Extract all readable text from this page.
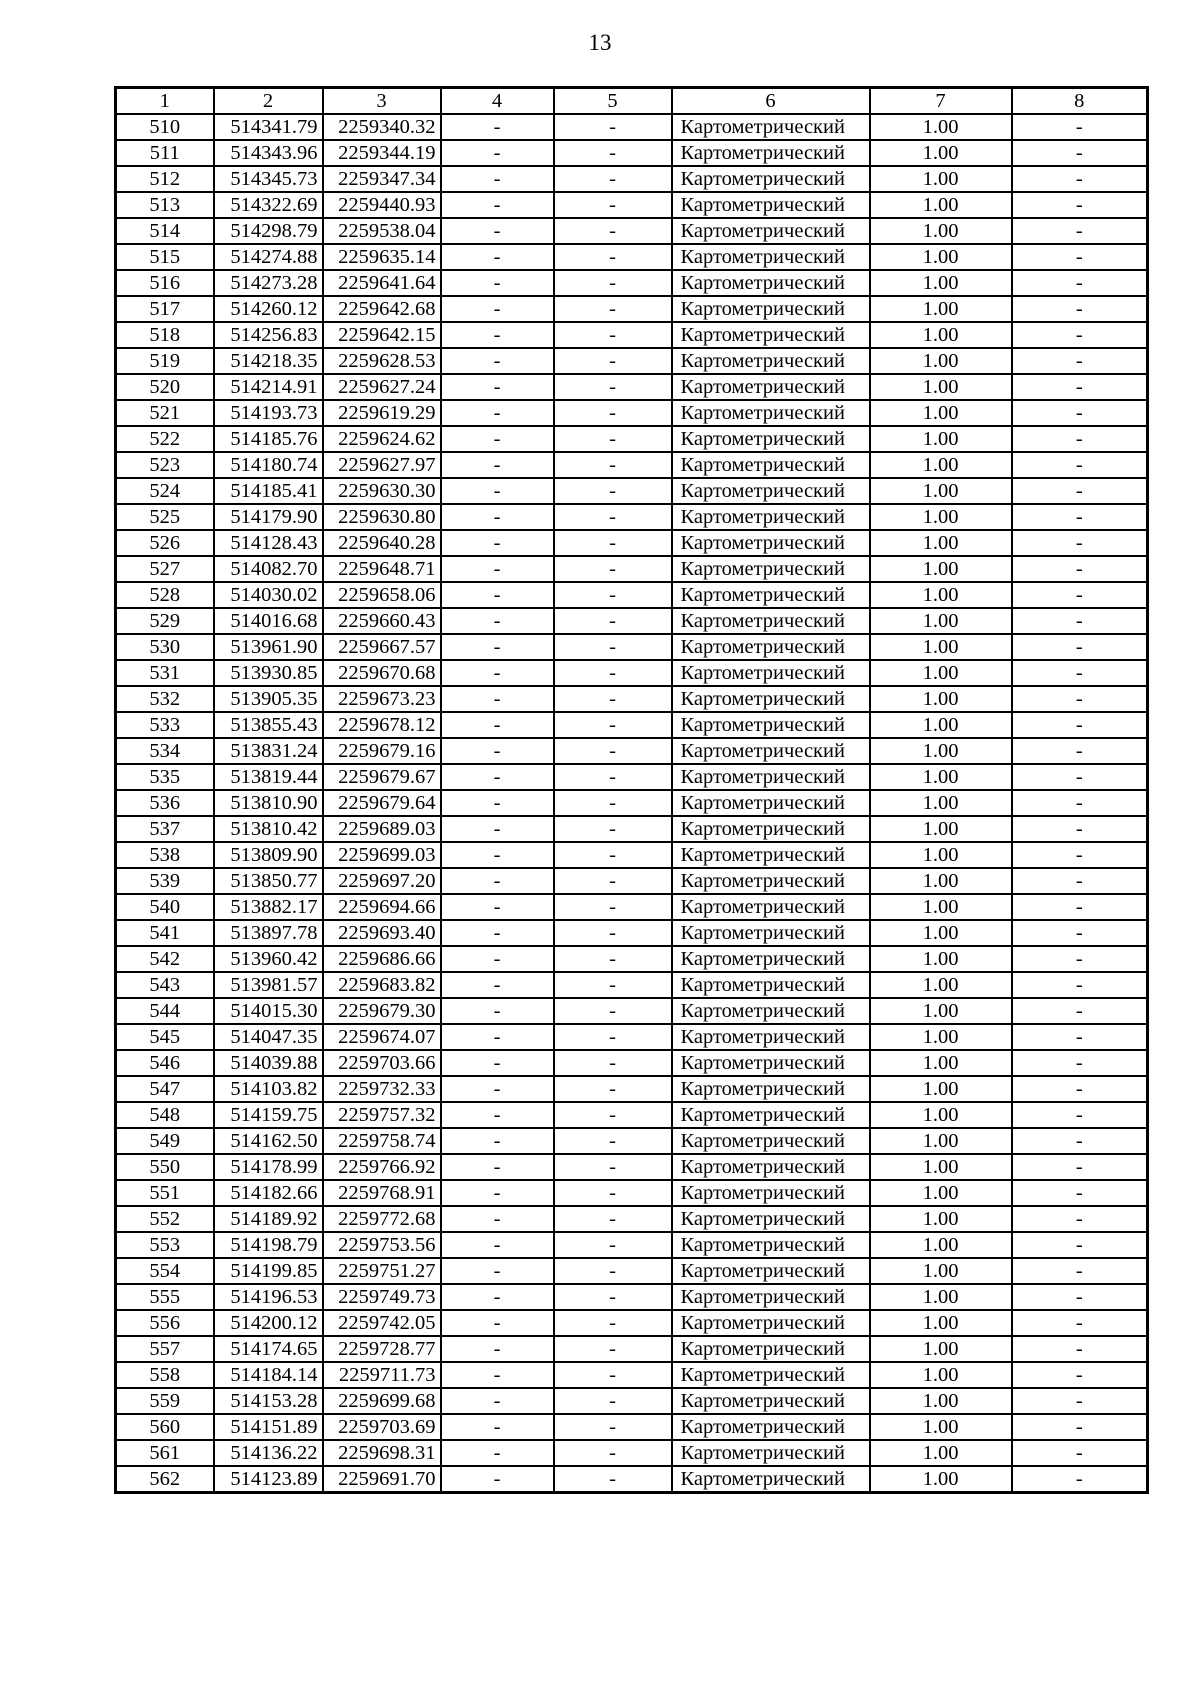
13
1	2	3	4	5	6	7	8
510	514341.79	2259340.32	-	-	Картометрический	1.00	-
511	514343.96	2259344.19	-	-	Картометрический	1.00	-
512	514345.73	2259347.34	-	-	Картометрический	1.00	-
513	514322.69	2259440.93	-	-	Картометрический	1.00	-
514	514298.79	2259538.04	-	-	Картометрический	1.00	-
515	514274.88	2259635.14	-	-	Картометрический	1.00	-
516	514273.28	2259641.64	-	-	Картометрический	1.00	-
517	514260.12	2259642.68	-	-	Картометрический	1.00	-
518	514256.83	2259642.15	-	-	Картометрический	1.00	-
519	514218.35	2259628.53	-	-	Картометрический	1.00	-
520	514214.91	2259627.24	-	-	Картометрический	1.00	-
521	514193.73	2259619.29	-	-	Картометрический	1.00	-
522	514185.76	2259624.62	-	-	Картометрический	1.00	-
523	514180.74	2259627.97	-	-	Картометрический	1.00	-
524	514185.41	2259630.30	-	-	Картометрический	1.00	-
525	514179.90	2259630.80	-	-	Картометрический	1.00	-
526	514128.43	2259640.28	-	-	Картометрический	1.00	-
527	514082.70	2259648.71	-	-	Картометрический	1.00	-
528	514030.02	2259658.06	-	-	Картометрический	1.00	-
529	514016.68	2259660.43	-	-	Картометрический	1.00	-
530	513961.90	2259667.57	-	-	Картометрический	1.00	-
531	513930.85	2259670.68	-	-	Картометрический	1.00	-
532	513905.35	2259673.23	-	-	Картометрический	1.00	-
533	513855.43	2259678.12	-	-	Картометрический	1.00	-
534	513831.24	2259679.16	-	-	Картометрический	1.00	-
535	513819.44	2259679.67	-	-	Картометрический	1.00	-
536	513810.90	2259679.64	-	-	Картометрический	1.00	-
537	513810.42	2259689.03	-	-	Картометрический	1.00	-
538	513809.90	2259699.03	-	-	Картометрический	1.00	-
539	513850.77	2259697.20	-	-	Картометрический	1.00	-
540	513882.17	2259694.66	-	-	Картометрический	1.00	-
541	513897.78	2259693.40	-	-	Картометрический	1.00	-
542	513960.42	2259686.66	-	-	Картометрический	1.00	-
543	513981.57	2259683.82	-	-	Картометрический	1.00	-
544	514015.30	2259679.30	-	-	Картометрический	1.00	-
545	514047.35	2259674.07	-	-	Картометрический	1.00	-
546	514039.88	2259703.66	-	-	Картометрический	1.00	-
547	514103.82	2259732.33	-	-	Картометрический	1.00	-
548	514159.75	2259757.32	-	-	Картометрический	1.00	-
549	514162.50	2259758.74	-	-	Картометрический	1.00	-
550	514178.99	2259766.92	-	-	Картометрический	1.00	-
551	514182.66	2259768.91	-	-	Картометрический	1.00	-
552	514189.92	2259772.68	-	-	Картометрический	1.00	-
553	514198.79	2259753.56	-	-	Картометрический	1.00	-
554	514199.85	2259751.27	-	-	Картометрический	1.00	-
555	514196.53	2259749.73	-	-	Картометрический	1.00	-
556	514200.12	2259742.05	-	-	Картометрический	1.00	-
557	514174.65	2259728.77	-	-	Картометрический	1.00	-
558	514184.14	2259711.73	-	-	Картометрический	1.00	-
559	514153.28	2259699.68	-	-	Картометрический	1.00	-
560	514151.89	2259703.69	-	-	Картометрический	1.00	-
561	514136.22	2259698.31	-	-	Картометрический	1.00	-
562	514123.89	2259691.70	-	-	Картометрический	1.00	-
